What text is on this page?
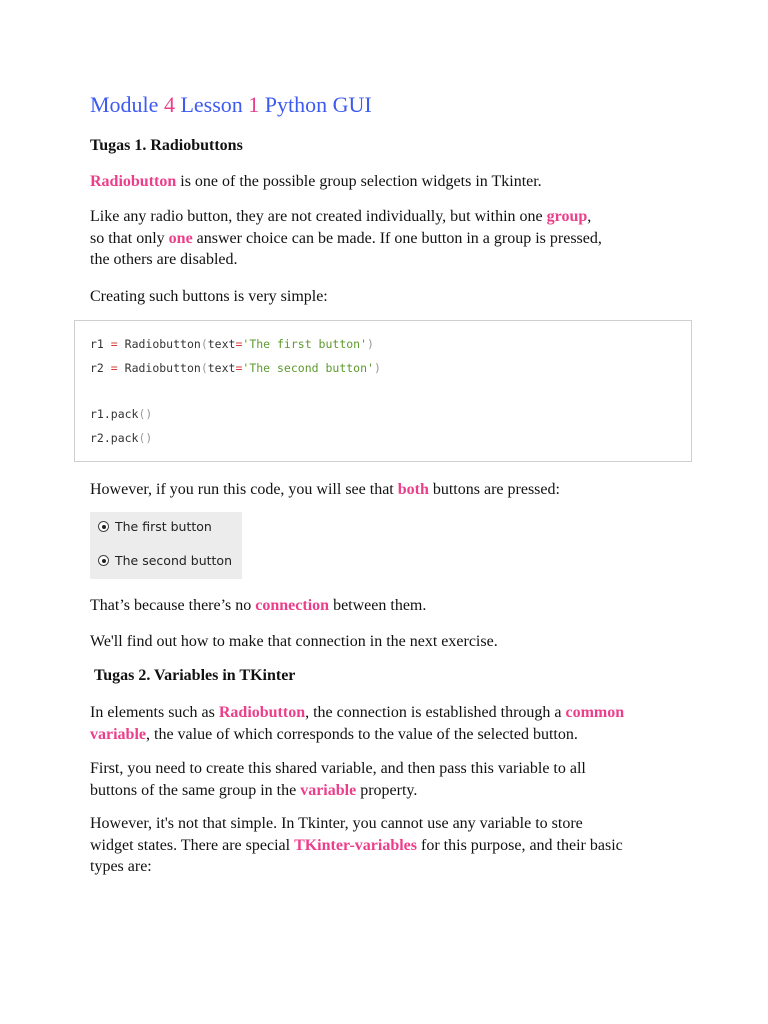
Module 4 Lesson 1 Python GUI
Tugas 1. Radiobuttons

Radiobutton is one of the possible group selection widgets in Tkinter.

Like any radio button, they are not created individually, but within one group,
so that only one answer choice can be made. If one button in a group is pressed,
the others are disabled.

Creating such buttons is very simple:

r1 = Radiobutton(text='The first button')
r2 = Radiobutton(text='The second button')
r1.pack()
r2.pack()

However, if you run this code, you will see that both buttons are pressed:

The first button
The second button

That’s because there’s no connection between them.

We'll find out how to make that connection in the next exercise.

Tugas 2. Variables in TKinter

In elements such as Radiobutton, the connection is established through a common
variable, the value of which corresponds to the value of the selected button.

First, you need to create this shared variable, and then pass this variable to all
buttons of the same group in the variable property.

However, it's not that simple. In Tkinter, you cannot use any variable to store
widget states. There are special TKinter-variables for this purpose, and their basic
types are:
